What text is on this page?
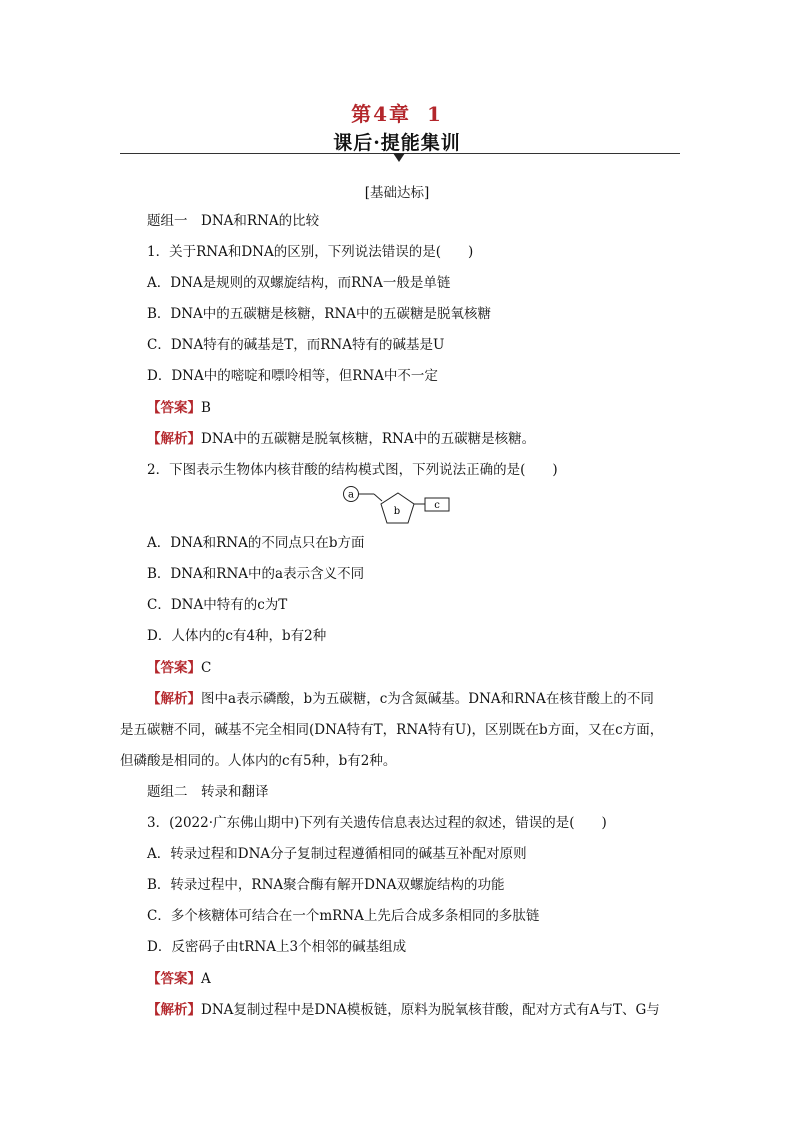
第4章 1
课后·提能集训
[基础达标]
题组一　DNA和RNA的比较
1．关于RNA和DNA的区别，下列说法错误的是(　　)
A．DNA是规则的双螺旋结构，而RNA一般是单链
B．DNA中的五碳糖是核糖，RNA中的五碳糖是脱氧核糖
C．DNA特有的碱基是T，而RNA特有的碱基是U
D．DNA中的嘧啶和嘌呤相等，但RNA中不一定
【答案】B
【解析】DNA中的五碳糖是脱氧核糖，RNA中的五碳糖是核糖。
2．下图表示生物体内核苷酸的结构模式图，下列说法正确的是(　　)
a
b
c
A．DNA和RNA的不同点只在b方面
B．DNA和RNA中的a表示含义不同
C．DNA中特有的c为T
D．人体内的c有4种，b有2种
【答案】C
【解析】图中a表示磷酸，b为五碳糖，c为含氮碱基。DNA和RNA在核苷酸上的不同
是五碳糖不同，碱基不完全相同(DNA特有T，RNA特有U)，区别既在b方面，又在c方面，
但磷酸是相同的。人体内的c有5种，b有2种。
题组二　转录和翻译
3．(2022·广东佛山期中)下列有关遗传信息表达过程的叙述，错误的是(　　)
A．转录过程和DNA分子复制过程遵循相同的碱基互补配对原则
B．转录过程中，RNA聚合酶有解开DNA双螺旋结构的功能
C．多个核糖体可结合在一个mRNA上先后合成多条相同的多肽链
D．反密码子由tRNA上3个相邻的碱基组成
【答案】A
【解析】DNA复制过程中是DNA模板链，原料为脱氧核苷酸，配对方式有A与T、G与
